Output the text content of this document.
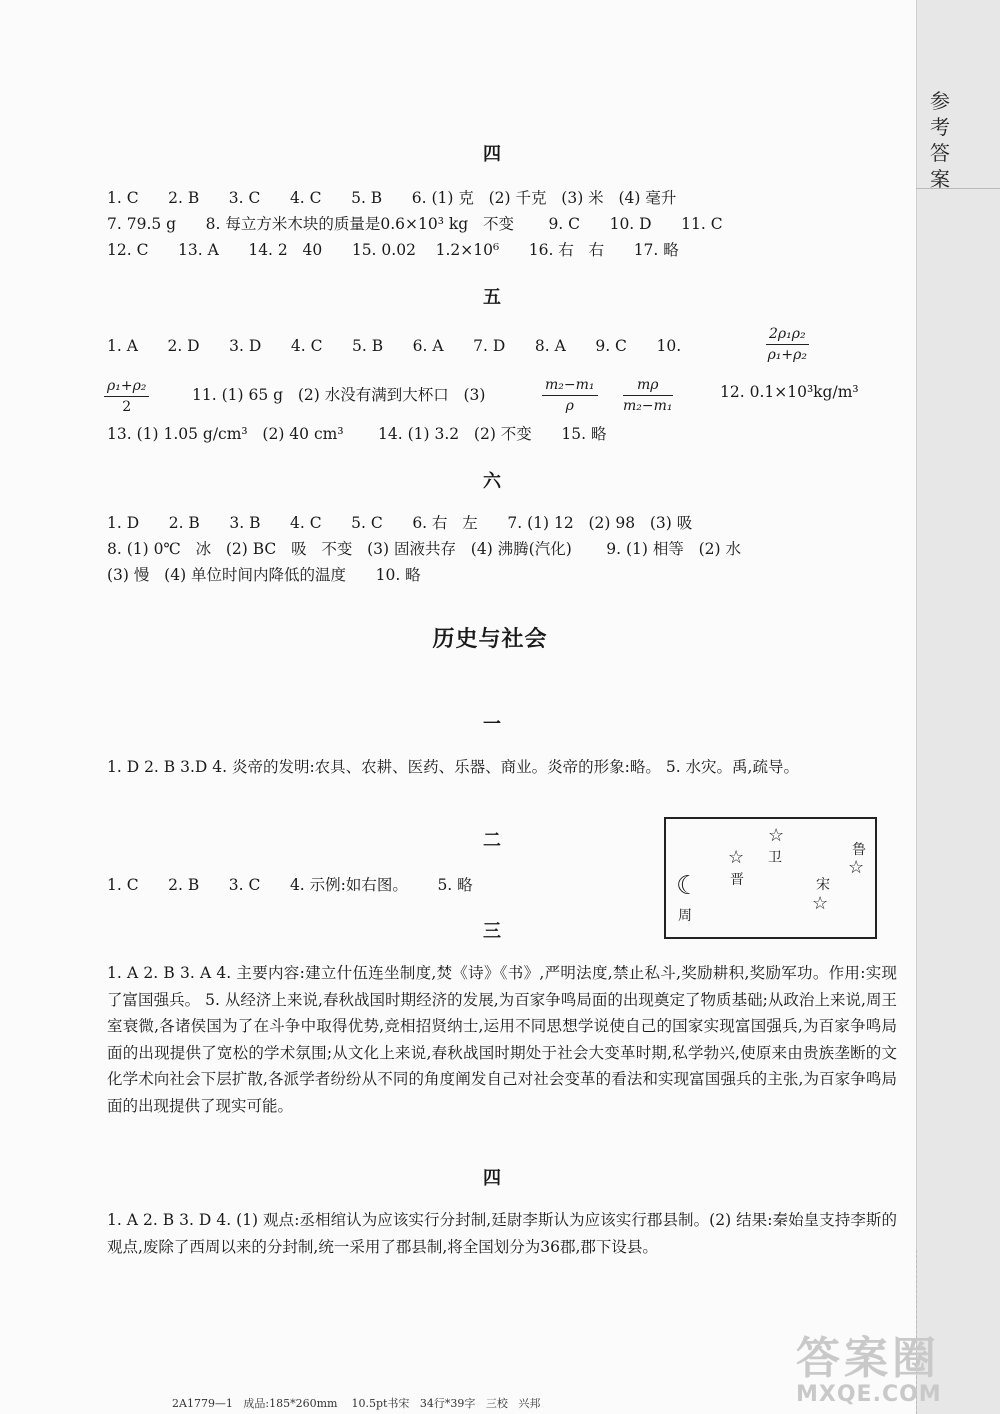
参考答案
四
1. C      2. B      3. C      4. C      5. B      6. (1) 克   (2) 千克   (3) 米   (4) 毫升
7. 79.5 g      8. 每立方米木块的质量是0.6×10³ kg   不变       9. C      10. D      11. C
12. C      13. A      14. 2   40      15. 0.02    1.2×10⁶      16. 右   右      17. 略
五
1. A      2. D      3. D      4. C      5. B      6. A      7. D      8. A      9. C      10.	$\frac{\text{2ρ₁ρ₂}}{\text{ρ₁+ρ₂}}$
$\frac{\text{ρ₁+ρ₂}}{2}$	11. (1) 65 g   (2) 水没有满到大杯口   (3)	$\frac{\text{m₂−m₁}}{\rho} \frac{m\rho}{\text{m₂−m₁}}$	12. 0.1×10³kg/m³
13. (1) 1.05 g/cm³   (2) 40 cm³       14. (1) 3.2   (2) 不变      15. 略
六
1. D      2. B      3. B      4. C      5. C      6. 右   左      7. (1) 12   (2) 98   (3) 吸
8. (1) 0℃   冰   (2) BC   吸   不变   (3) 固液共存   (4) 沸腾(汽化)       9. (1) 相等   (2) 水
(3) 慢   (4) 单位时间内降低的温度      10. 略
历史与社会
一
1. D 2. B 3.D 4. 炎帝的发明:农具、农耕、医药、乐器、商业。炎帝的形象:略。 5. 水灾。禹,疏导。
二
1. C      2. B      3. C      4. 示例:如右图。      5. 略
☆
卫
☆
晋
鲁
☆
宋
☆
☾
周
三
1. A 2. B 3. A 4. 主要内容:建立什伍连坐制度,焚《诗》《书》,严明法度,禁止私斗,奖励耕积,奖励军功。作用:实现了富国强兵。 5. 从经济上来说,春秋战国时期经济的发展,为百家争鸣局面的出现奠定了物质基础;从政治上来说,周王室衰微,各诸侯国为了在斗争中取得优势,竞相招贤纳士,运用不同思想学说使自己的国家实现富国强兵,为百家争鸣局面的出现提供了宽松的学术氛围;从文化上来说,春秋战国时期处于社会大变革时期,私学勃兴,使原来由贵族垄断的文化学术向社会下层扩散,各派学者纷纷从不同的角度阐发自己对社会变革的看法和实现富国强兵的主张,为百家争鸣局面的出现提供了现实可能。
四
1. A 2. B 3. D 4. (1) 观点:丞相绾认为应该实行分封制,廷尉李斯认为应该实行郡县制。(2) 结果:秦始皇支持李斯的观点,废除了西周以来的分封制,统一采用了郡县制,将全国划分为36郡,郡下设县。
答案圈
MXQE.COM
2A1779—1   成品:185*260mm    10.5pt书宋   34行*39字   三校   兴邦
